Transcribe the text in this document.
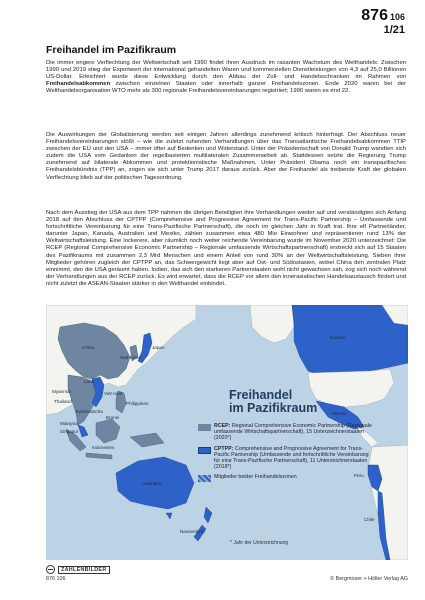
876 106
1/21
Freihandel im Pazifikraum

Die immer engere Verflechtung der Weltwirtschaft seit 1990 findet ihren Ausdruck im rasanten Wachstum des Welthandels: Zwischen 1990 und 2019 stieg der Exportwert der international gehandelten Waren und kommerziellen Dienstleistungen von 4,3 auf 25,0 Billionen US-Dollar. Erleichtert wurde diese Entwicklung durch den Abbau der Zoll- und Handelsschranken im Rahmen von Freihandelsabkommen zwischen einzelnen Staaten oder innerhalb ganzer Freihandelszonen. Ende 2020 waren bei der Welthandelsorganisation WTO mehr als 300 regionale Freihandelsvereinbarungen registriert; 1990 waren es erst 22.

Die Auswirkungen der Globalisierung werden seit einigen Jahren allerdings zunehmend kritisch hinterfragt. Der Abschluss neuer Freihandelsvereinbarungen stößt – wie die zuletzt ruhenden Verhandlungen über das Transatlantische Freihandelsabkommen TTIP zwischen der EU und den USA – immer öfter auf Bedenken und Widerstand. Unter der Präsidentschaft von Donald Trump wandten sich zudem die USA vom Gedanken der regelbasierten multilateralen Zusammenarbeit ab. Stattdessen setzte die Regierung Trump zunehmend auf bilaterale Abkommen und protektionistische Maßnahmen. Unter Präsident Obama noch ein transpazifisches Freihandelsbündnis (TPP) an, zogen sie sich unter Trump 2017 daraus zurück. Aber der Freihandel als treibende Kraft der globalen Verflechtung blieb auf der politischen Tagesordnung.

Nach dem Ausstieg der USA aus dem TPP nahmen die übrigen Beteiligten ihre Verhandlungen wieder auf und verständigten sich Anfang 2018 auf den Abschluss der CPTPP (Comprehensive and Progressive Agreement for Trans-Pacific Partnership – Umfassende und fortschrittliche Vereinbarung für eine Trans-Pazifische Partnerschaft), die noch im gleichen Jahr in Kraft trat. Ihre elf Partnerländer, darunter Japan, Kanada, Australien und Mexiko, zählen zusammen etwa 480 Mio Einwohner und repräsentieren rund 13% der Weltwirtschaftsleistung. Eine lockerere, aber räumlich noch weiter reichende Vereinbarung wurde im November 2020 unterzeichnet: Die RCEP (Regional Comprehensive Economic Partnership – Regionale umfassende Wirtschaftspartnerschaft) erstreckt sich auf 15 Staaten des Pazifikraums mit zusammen 2,3 Mrd Menschen und einem Anteil von rund 30% an der Weltwirtschaftsleistung. Sieben ihrer Mitglieder gehören zugleich der CPTPP an, das Schwergewicht liegt aber auf Ost- und Südostasien, wobei China den zentralen Platz einnimmt, den die USA geräumt haben. Indien, das sich den starkeren Partnerstaaten wohl nicht gewachsen sah, zog sich noch während der Verhandlungen aus der RCEP zurück. Es wird erwartet, dass die RCEP vor allem den innerasiatischen Handelsaustausch fördert und nicht zuletzt die ASEAN-Staaten stärker in den Welthandel einbindet.

Freihandel
im Pazifikraum
RCEP: Regional Comprehensive Economic Partnership (Regionale umfassende Wirtschaftspartnerschaft), 15 Unterzeichnerstaaten (2020*)
CPTPP: Comprehensive and Progressive Agreement for Trans-Pacific Partnership (Umfassende und fortschrittliche Vereinbarung für eine Trans-Pazifische Partnerschaft), 11 Unterzeichnerstaaten (2018*)
Mitglieder beider Freihandelszonen
China
Laos
Myanmar
Thailand
Kambodscha
Viet-nam
Philippinen
Malaysia
Singapur
Brunei
Indonesien
Japan
Süd-korea
Australien
Neuseeland
Kanada
Mexiko
Peru
Chile
* Jahr der Unterzeichnung
ZAHLENBILDER
876 106	© Bergmoser + Höller Verlag AG
